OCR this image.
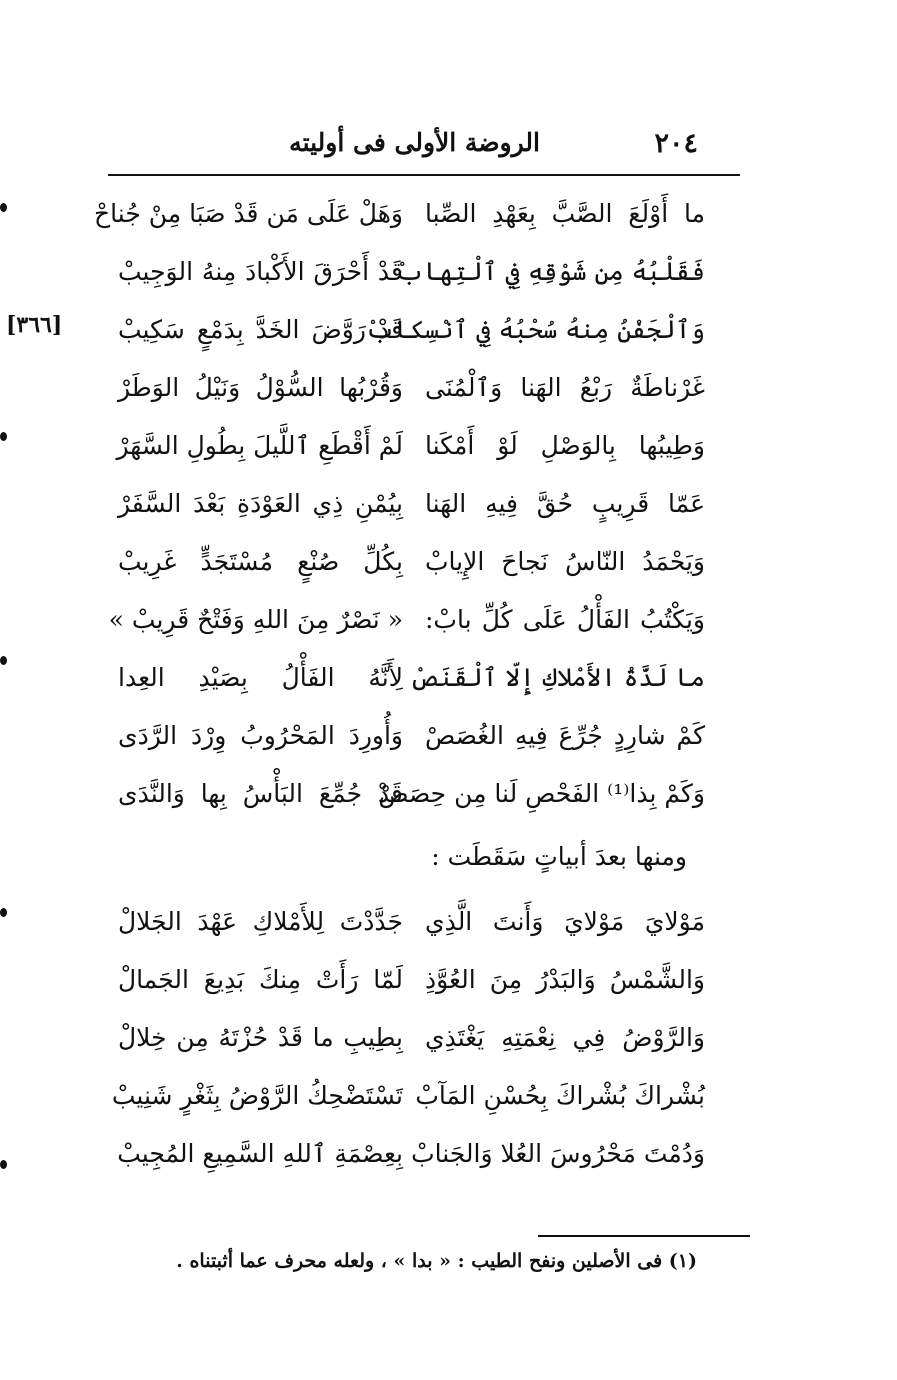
٢٠٤
الروضة الأولى فى أوليته
[٣٦٦]
ما أَوْلَعَ الصَّبَّ بِعَهْدِ الصِّبا
وَهَلْ عَلَى مَن قَدْ صَبَا مِنْ جُناحْ
فَقَلْبُهُ مِن شَوْقِهِ فِي ٱلْتِهابْ
قَدْ أَحْرَقَ الأَكْبادَ مِنهُ الوَجِيبْ
وَٱلْجَفْنُ مِنهُ سُحْبُهُ فِي ٱنْسِكابْ
قَدْ رَوَّضَ الخَدَّ بِدَمْعٍ سَكِيبْ
غَرْناطَةٌ رَبْعُ الهَنا وَٱلْمُنَى
وَقُرْبُها السُّوْلُ وَنَيْلُ الوَطَرْ
وَطِيبُها بِالوَصْلِ لَوْ أَمْكَنا
لَمْ أَقْطَعِ ٱللَّيلَ بِطُولِ السَّهَرْ
عَمّا قَرِيبٍ حُقَّ فِيهِ الهَنا
بِيُمْنِ ذِي العَوْدَةِ بَعْدَ السَّفَرْ
وَيَحْمَدُ النّاسُ نَجاحَ الإِيابْ
بِكُلِّ صُنْعٍ مُسْتَجَدٍّ غَرِيبْ
وَيَكْتُبُ الفَأْلُ عَلَى كُلِّ بابْ:
« نَصْرٌ مِنَ اللهِ وَفَتْحٌ قَرِيبْ »
ما لَذَّةُ الأَمْلاكِ إِلّا ٱلْقَنَصْ
لِأَنَّهُ الفَأْلُ بِصَيْدِ العِدا
كَمْ شارِدٍ جُرِّعَ فِيهِ الغُصَصْ
وَأُورِدَ المَحْرُوبُ وِرْدَ الرَّدَى
وَكَمْ بِذا⁽¹⁾ الفَحْصِ لَنا مِن حِصَصْ
قَدْ جُمِّعَ البَأْسُ بِها وَالنَّدَى
ومنها بعدَ أبياتٍ سَقَطَت :
مَوْلايَ مَوْلايَ وَأَنتَ الَّذِي
جَدَّدْتَ لِلأَمْلاكِ عَهْدَ الجَلالْ
وَالشَّمْسُ وَالبَدْرُ مِنَ العُوَّذِ
لَمّا رَأَتْ مِنكَ بَدِيعَ الجَمالْ
وَالرَّوْضُ فِي نِعْمَتِهِ يَغْتَذِي
بِطِيبِ ما قَدْ حُزْتَهُ مِن خِلالْ
بُشْراكَ بُشْراكَ بِحُسْنِ المَآبْ
تَسْتَضْحِكُ الرَّوْضُ بِثَغْرٍ شَنِيبْ
وَدُمْتَ مَحْرُوسَ العُلا وَالجَنابْ
بِعِصْمَةِ ٱللهِ السَّمِيعِ المُجِيبْ
(١) فى الأصلين ونفح الطيب : « بدا » ، ولعله محرف عما أثبتناه .
